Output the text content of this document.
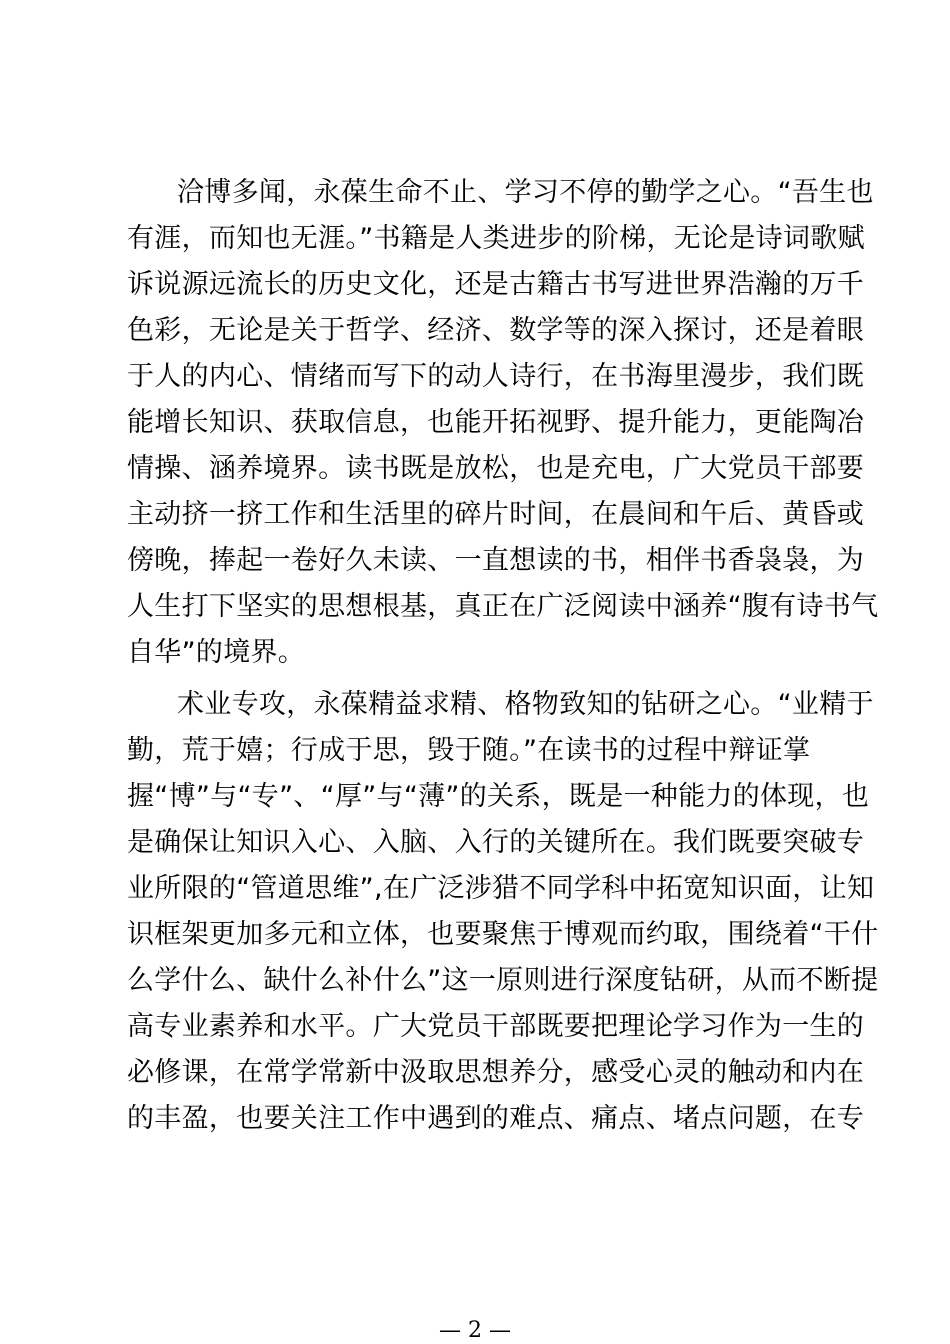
洽博多闻，永葆生命不止、学习不停的勤学之心。“吾生也
有涯，而知也无涯。”书籍是人类进步的阶梯，无论是诗词歌赋
诉说源远流长的历史文化，还是古籍古书写进世界浩瀚的万千
色彩，无论是关于哲学、经济、数学等的深入探讨，还是着眼
于人的内心、情绪而写下的动人诗行，在书海里漫步，我们既
能增长知识、获取信息，也能开拓视野、提升能力，更能陶冶
情操、涵养境界。读书既是放松，也是充电，广大党员干部要
主动挤一挤工作和生活里的碎片时间，在晨间和午后、黄昏或
傍晚，捧起一卷好久未读、一直想读的书，相伴书香袅袅，为
人生打下坚实的思想根基，真正在广泛阅读中涵养“腹有诗书气
自华”的境界。
术业专攻，永葆精益求精、格物致知的钻研之心。“业精于
勤，荒于嬉；行成于思，毁于随。”在读书的过程中辩证掌
握“博”与“专”、“厚”与“薄”的关系，既是一种能力的体现，也
是确保让知识入心、入脑、入行的关键所在。我们既要突破专
业所限的“管道思维”,在广泛涉猎不同学科中拓宽知识面，让知
识框架更加多元和立体，也要聚焦于博观而约取，围绕着“干什
么学什么、缺什么补什么”这一原则进行深度钻研，从而不断提
高专业素养和水平。广大党员干部既要把理论学习作为一生的
必修课，在常学常新中汲取思想养分，感受心灵的触动和内在
的丰盈，也要关注工作中遇到的难点、痛点、堵点问题，在专
— 2 —
